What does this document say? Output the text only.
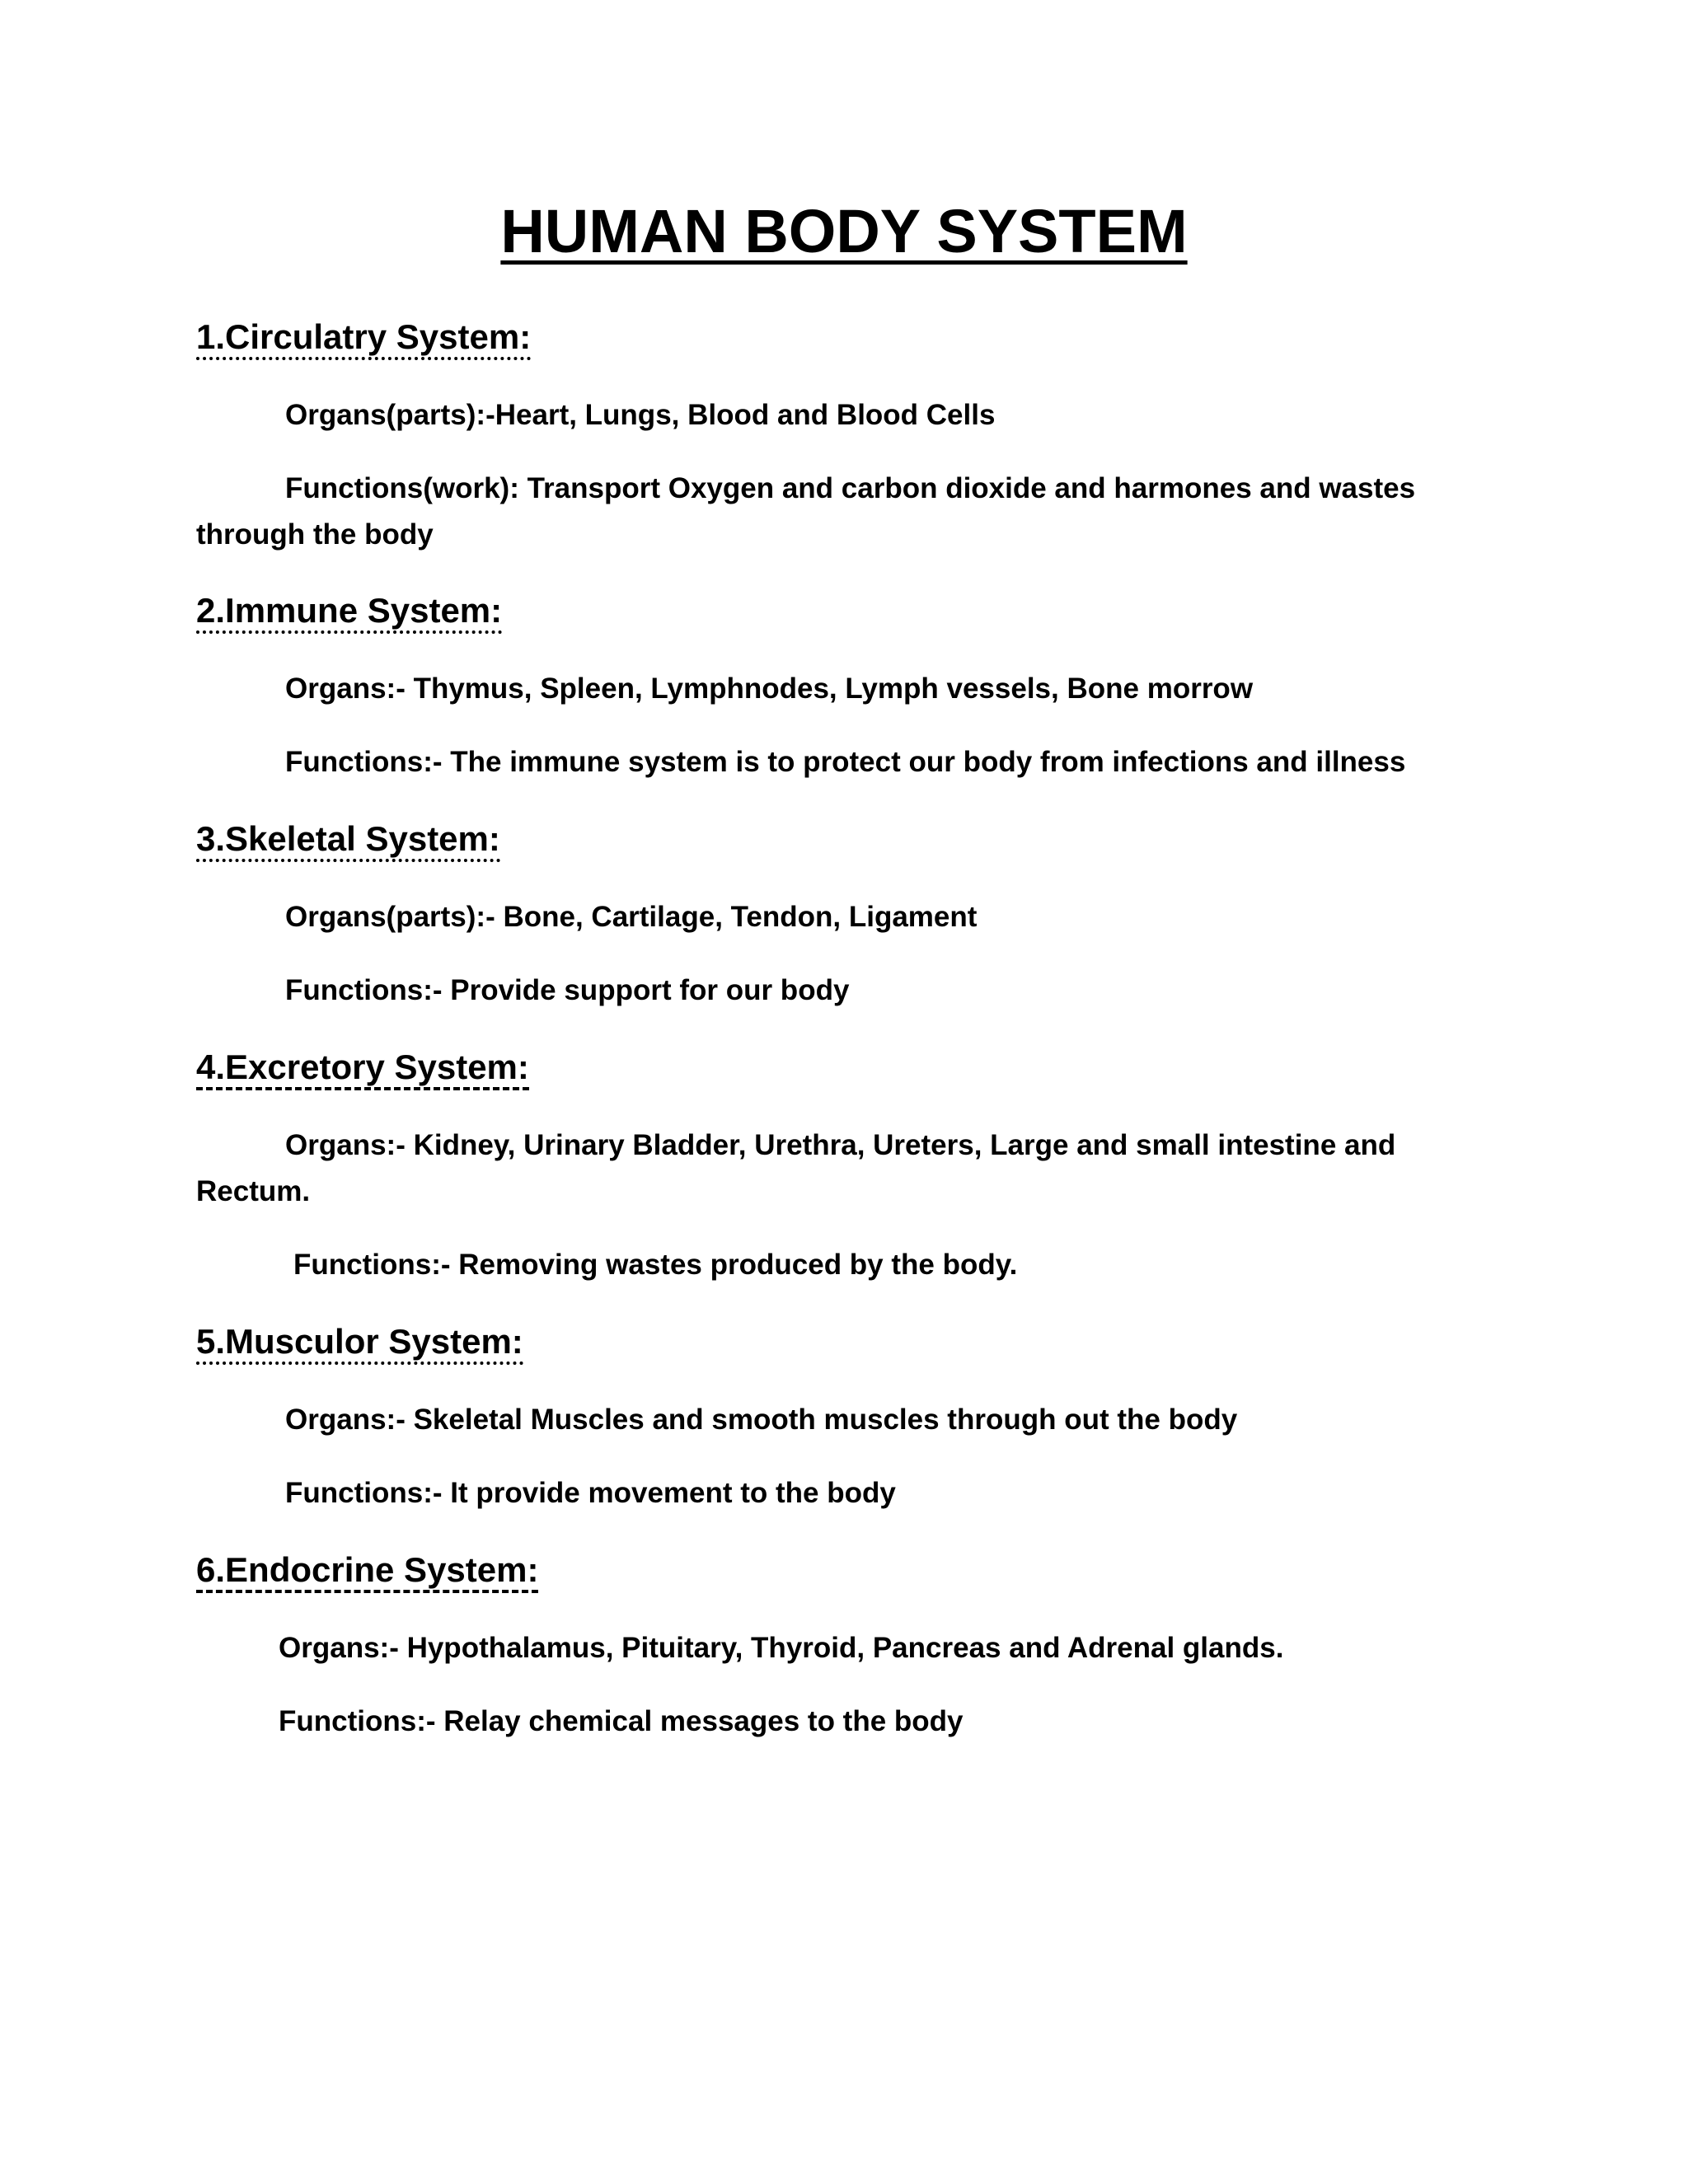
HUMAN BODY SYSTEM
1.Circulatry System:
Organs(parts):-Heart, Lungs, Blood and Blood Cells
Functions(work): Transport Oxygen and carbon dioxide and harmones and wastes through the body
2.Immune System:
Organs:- Thymus, Spleen, Lymphnodes, Lymph vessels, Bone morrow
Functions:- The immune system is to protect our body from infections and illness
3.Skeletal System:
Organs(parts):- Bone, Cartilage, Tendon, Ligament
Functions:- Provide support for our body
4.Excretory System:
Organs:- Kidney, Urinary Bladder, Urethra, Ureters, Large and small intestine and Rectum.
Functions:- Removing wastes produced by the body.
5.Musculor System:
Organs:- Skeletal Muscles and smooth muscles through out the body
Functions:- It provide movement to the body
6.Endocrine System:
Organs:- Hypothalamus, Pituitary, Thyroid, Pancreas and Adrenal glands.
Functions:- Relay chemical messages to the body
